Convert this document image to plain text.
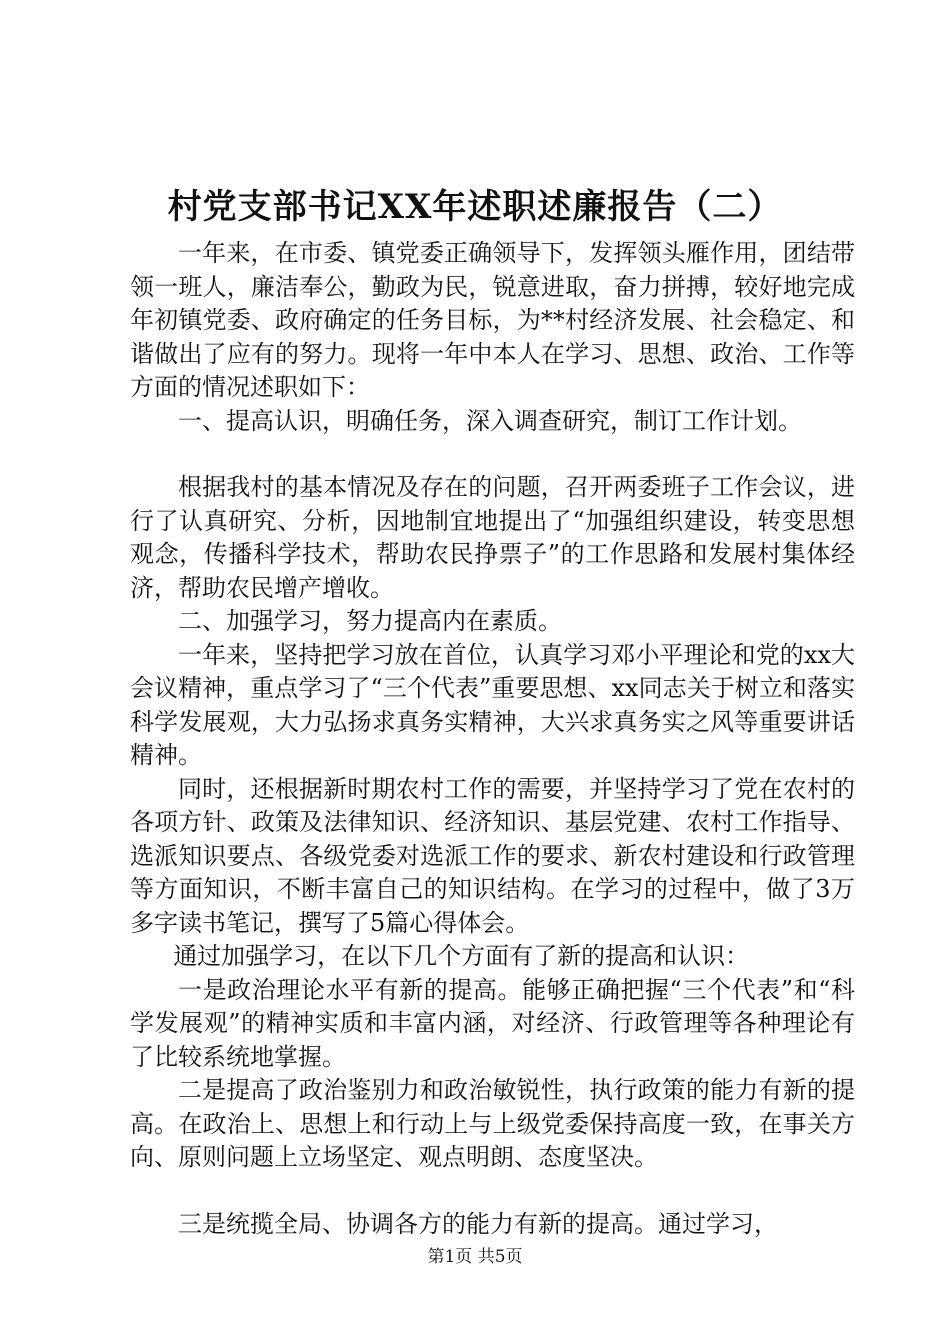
村党支部书记XX年述职述廉报告（二）

一年来，在市委、镇党委正确领导下，发挥领头雁作用，团结带领一班人，廉洁奉公，勤政为民，锐意进取，奋力拼搏，较好地完成年初镇党委、政府确定的任务目标，为**村经济发展、社会稳定、和谐做出了应有的努力。现将一年中本人在学习、思想、政治、工作等方面的情况述职如下：

一、提高认识，明确任务，深入调查研究，制订工作计划。

根据我村的基本情况及存在的问题，召开两委班子工作会议，进行了认真研究、分析，因地制宜地提出了“加强组织建设，转变思想观念，传播科学技术，帮助农民挣票子”的工作思路和发展村集体经济，帮助农民增产增收。

二、加强学习，努力提高内在素质。

一年来，坚持把学习放在首位，认真学习邓小平理论和党的xx大会议精神，重点学习了“三个代表”重要思想、xx同志关于树立和落实科学发展观，大力弘扬求真务实精神，大兴求真务实之风等重要讲话精神。

同时，还根据新时期农村工作的需要，并坚持学习了党在农村的各项方针、政策及法律知识、经济知识、基层党建、农村工作指导、选派知识要点、各级党委对选派工作的要求、新农村建设和行政管理等方面知识，不断丰富自己的知识结构。在学习的过程中，做了3万多字读书笔记，撰写了5篇心得体会。

通过加强学习，在以下几个方面有了新的提高和认识：

一是政治理论水平有新的提高。能够正确把握“三个代表”和“科学发展观”的精神实质和丰富内涵，对经济、行政管理等各种理论有了比较系统地掌握。

二是提高了政治鉴别力和政治敏锐性，执行政策的能力有新的提高。在政治上、思想上和行动上与上级党委保持高度一致，在事关方向、原则问题上立场坚定、观点明朗、态度坚决。

三是统揽全局、协调各方的能力有新的提高。通过学习，

第1页 共5页
